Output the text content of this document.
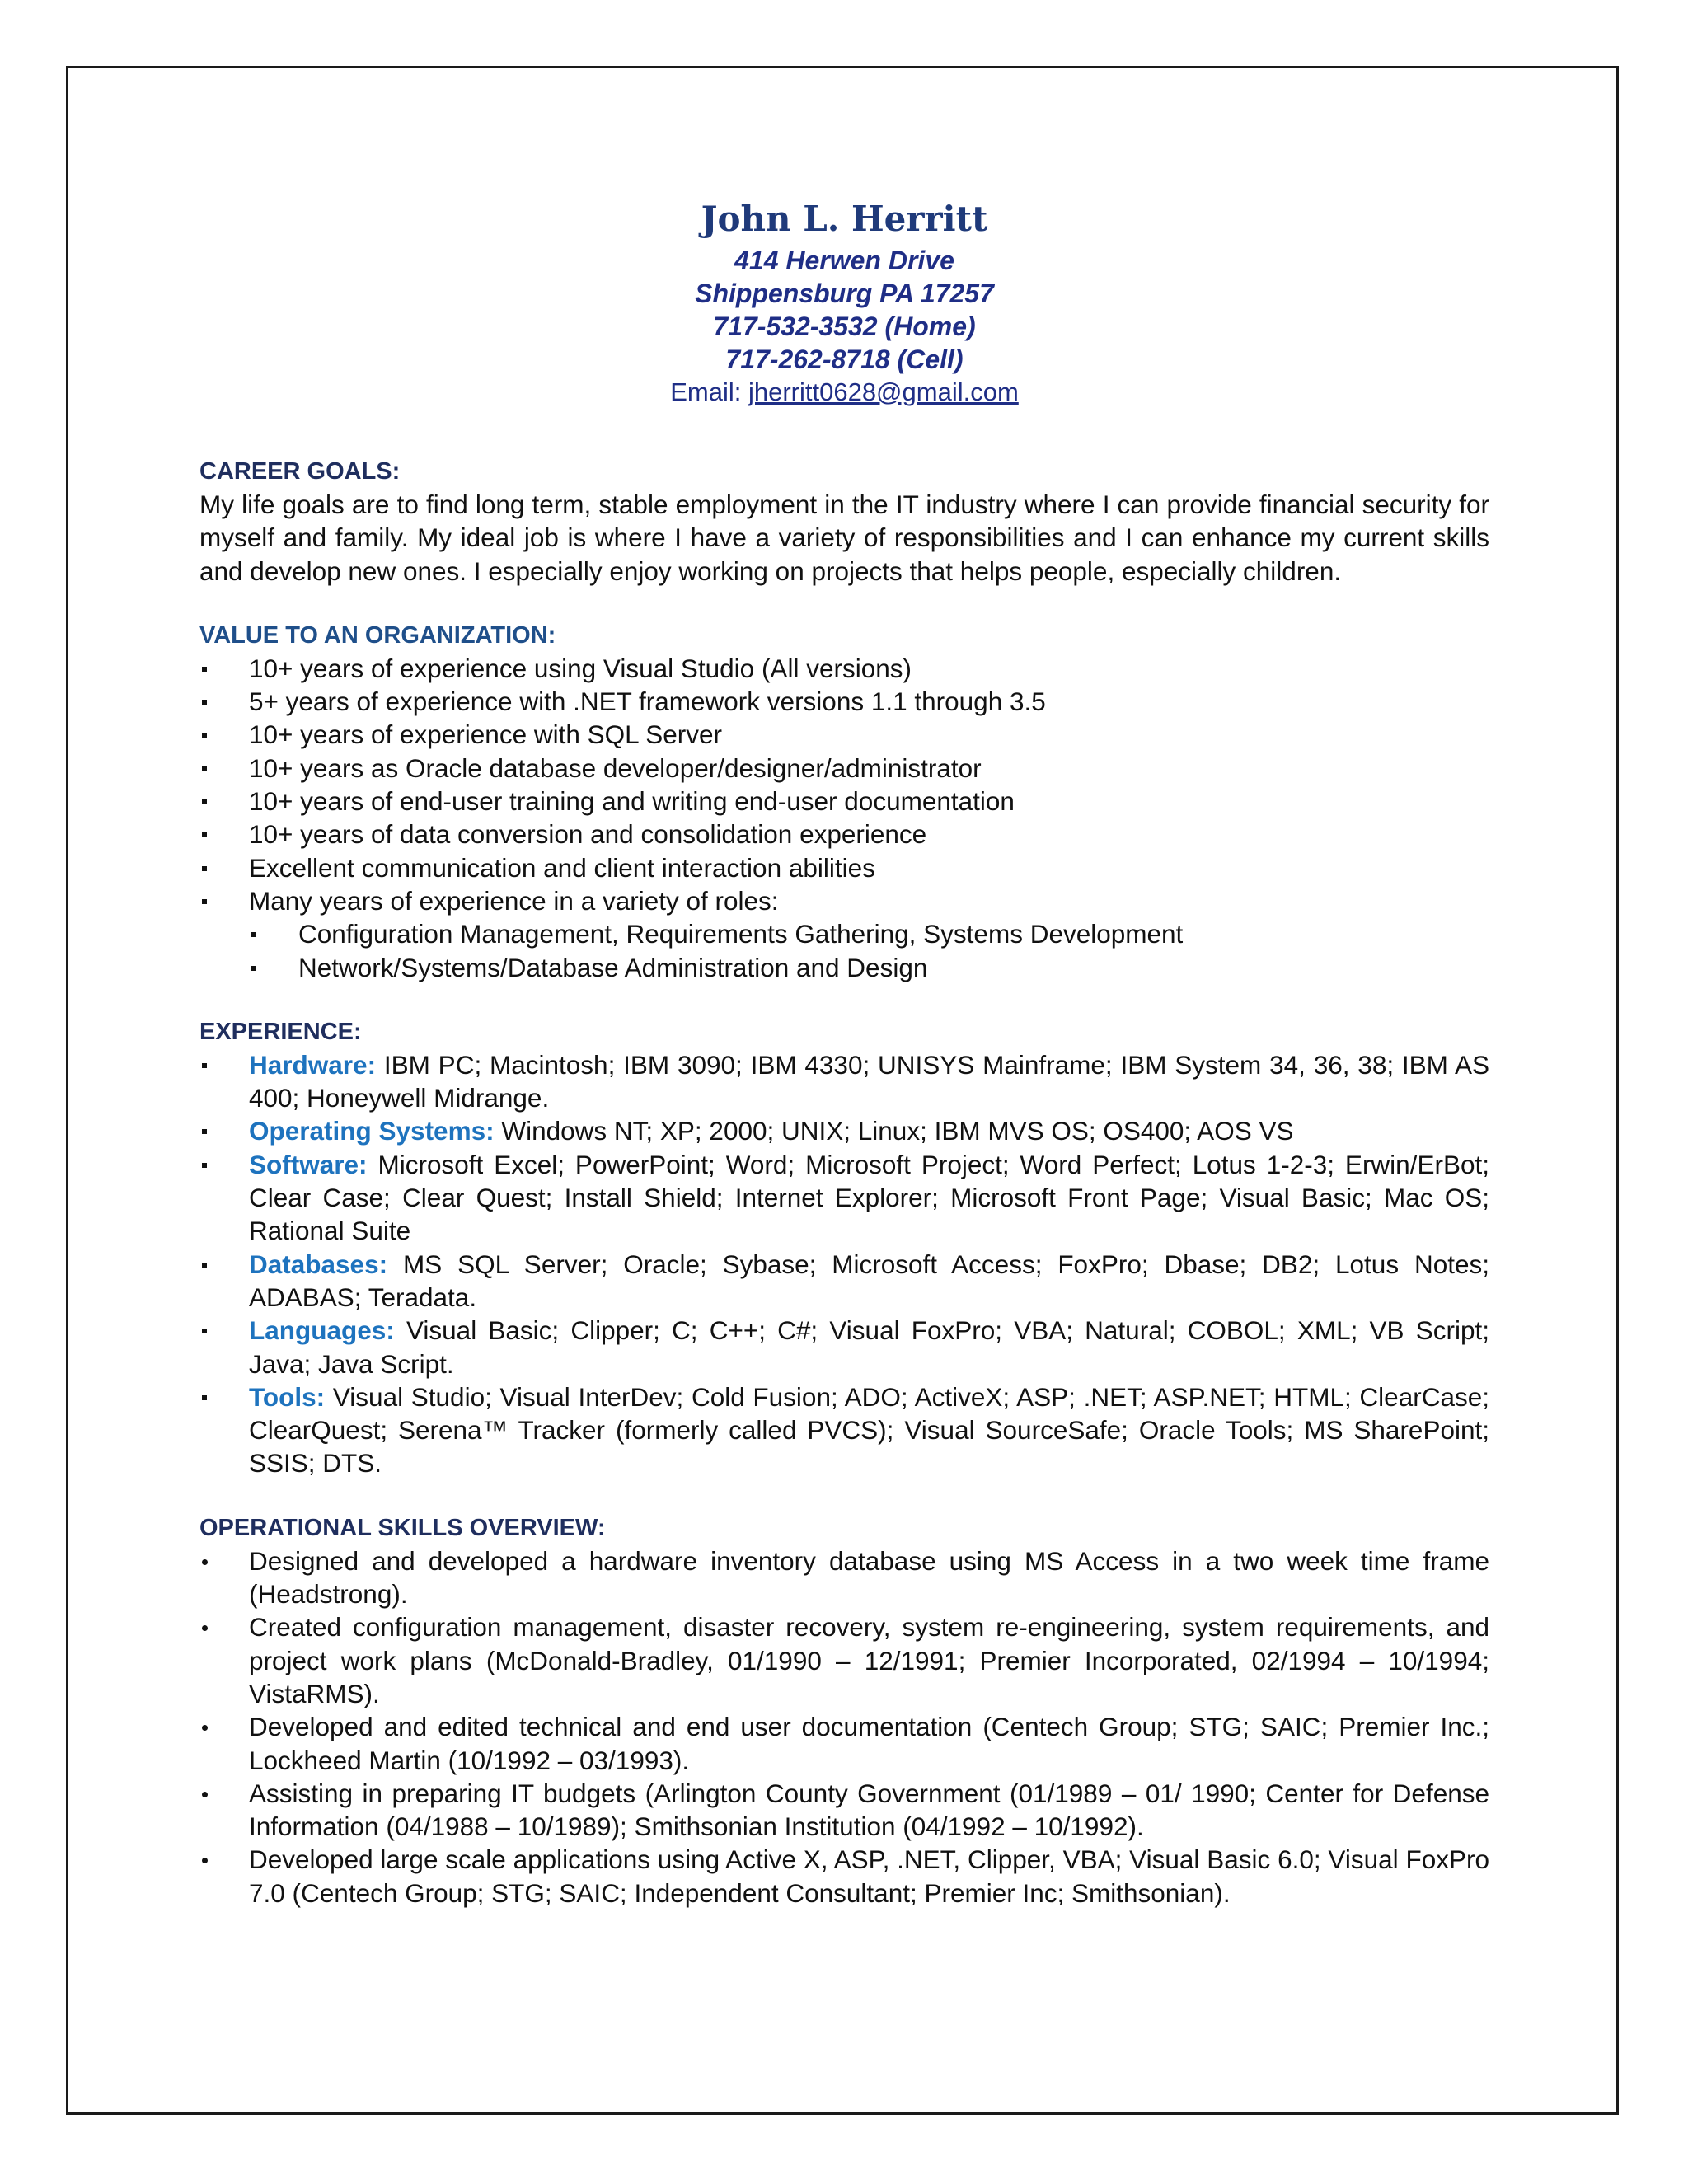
John L. Herritt
414 Herwen Drive
Shippensburg PA 17257
717-532-3532 (Home)
717-262-8718 (Cell)
Email: jherritt0628@gmail.com
CAREER GOALS:
My life goals are to find long term, stable employment in the IT industry where I can provide financial security for myself and family. My ideal job is where I have a variety of responsibilities and I can enhance my current skills and develop new ones. I especially enjoy working on projects that helps people, especially children.
VALUE TO AN ORGANIZATION:
10+ years of experience using Visual Studio (All versions)
5+ years of experience with .NET framework versions 1.1 through 3.5
10+ years of experience with SQL Server
10+ years as Oracle database developer/designer/administrator
10+ years of end-user training and writing end-user documentation
10+ years of data conversion and consolidation experience
Excellent communication and client interaction abilities
Many years of experience in a variety of roles:
Configuration Management, Requirements Gathering, Systems Development
Network/Systems/Database Administration and Design
EXPERIENCE:
Hardware: IBM PC; Macintosh; IBM 3090; IBM 4330; UNISYS Mainframe; IBM System 34, 36, 38; IBM AS 400; Honeywell Midrange.
Operating Systems: Windows NT; XP; 2000; UNIX; Linux; IBM MVS OS; OS400; AOS VS
Software: Microsoft Excel; PowerPoint; Word; Microsoft Project; Word Perfect; Lotus 1-2-3; Erwin/ErBot; Clear Case; Clear Quest; Install Shield; Internet Explorer; Microsoft Front Page; Visual Basic; Mac OS; Rational Suite
Databases: MS SQL Server; Oracle; Sybase; Microsoft Access; FoxPro; Dbase; DB2; Lotus Notes; ADABAS; Teradata.
Languages: Visual Basic; Clipper; C; C++; C#; Visual FoxPro; VBA; Natural; COBOL; XML; VB Script; Java; Java Script.
Tools: Visual Studio; Visual InterDev; Cold Fusion; ADO; ActiveX; ASP; .NET; ASP.NET; HTML; ClearCase; ClearQuest; Serena™ Tracker (formerly called PVCS); Visual SourceSafe; Oracle Tools; MS SharePoint; SSIS; DTS.
OPERATIONAL SKILLS OVERVIEW:
Designed and developed a hardware inventory database using MS Access in a two week time frame (Headstrong).
Created configuration management, disaster recovery, system re-engineering, system requirements, and project work plans (McDonald-Bradley, 01/1990 – 12/1991; Premier Incorporated, 02/1994 – 10/1994; VistaRMS).
Developed and edited technical and end user documentation (Centech Group; STG; SAIC; Premier Inc.; Lockheed Martin (10/1992 – 03/1993).
Assisting in preparing IT budgets (Arlington County Government (01/1989 – 01/ 1990; Center for Defense Information (04/1988 – 10/1989); Smithsonian Institution (04/1992 – 10/1992).
Developed large scale applications using Active X, ASP, .NET, Clipper, VBA; Visual Basic 6.0; Visual FoxPro 7.0 (Centech Group; STG; SAIC; Independent Consultant; Premier Inc; Smithsonian).
